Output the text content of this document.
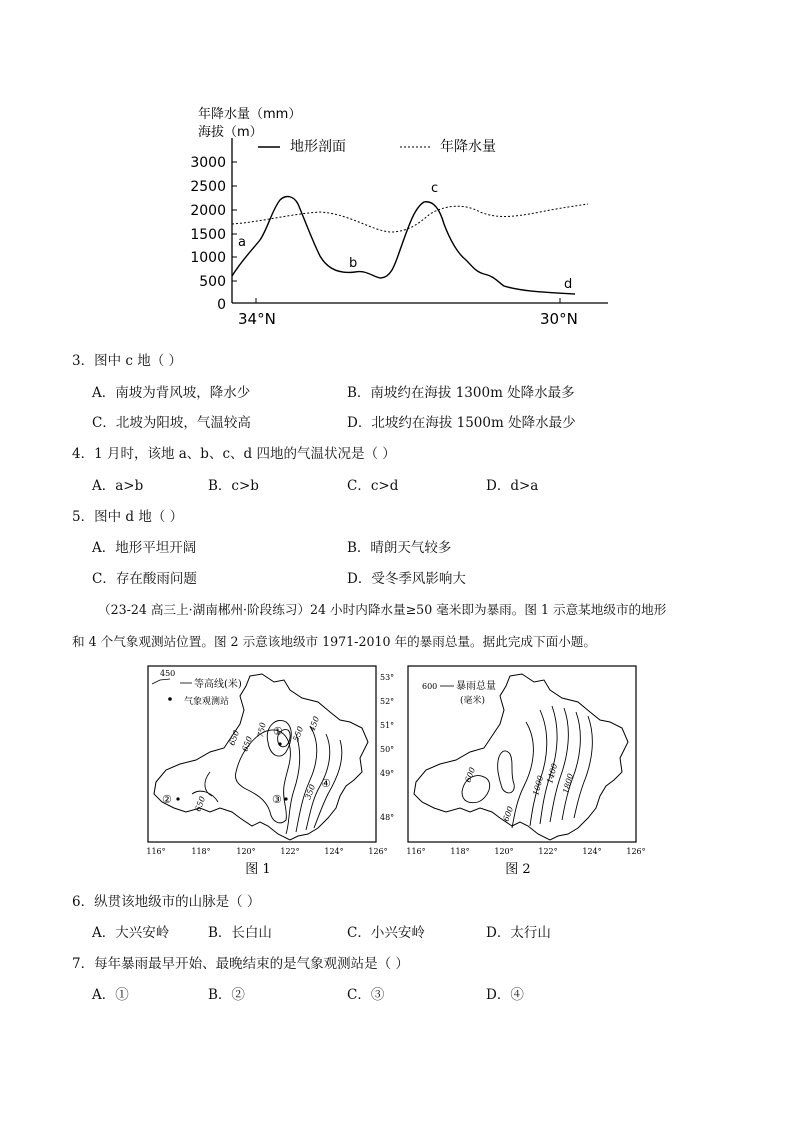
年降水量（mm）
海拔（m）
3000
2500
2000
1500
1000
500
0
34°N	30°N
地形剖面	年降水量
a
b
c
d
3．图中 c 地（ ）
A．南坡为背风坡，降水少	B．南坡约在海拔 1300m 处降水最多
C．北坡为阳坡，气温较高	D．北坡约在海拔 1500m 处降水最少
4．1 月时，该地 a、b、c、d 四地的气温状况是（ ）
A．a>b	B．c>b	C．c>d	D．d>a
5．图中 d 地（ ）
A．地形平坦开阔	B．晴朗天气较多
C．存在酸雨问题	D．受冬季风影响大
（23-24 高三上·湖南郴州·阶段练习）24 小时内降水量≥50 毫米即为暴雨。图 1 示意某地级市的地形
和 4 个气象观测站位置。图 2 示意该地级市 1971-2010 年的暴雨总量。据此完成下面小题。
450
等高线(米)
气象观测站
650
750
650	550
450
350
650
①
②	③
④
53°
52°
51°
50°
49°
48°
116°	118°	120°	122°	124°	126°
图 1
600 暴雨总量
(毫米)
600
600
1000
1400 1800
116°	118°	120°	122°	124°	126°
图 2
6．纵贯该地级市的山脉是（ ）
A．大兴安岭	B．长白山	C．小兴安岭	D．太行山
7．每年暴雨最早开始、最晚结束的是气象观测站是（ ）
A．①	B．②	C．③	D．④
